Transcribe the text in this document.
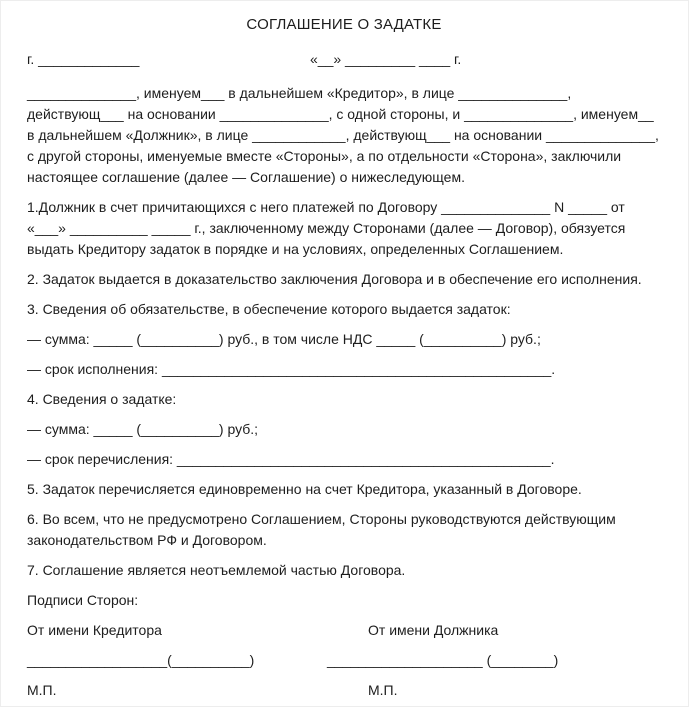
СОГЛАШЕНИЕ О ЗАДАТКЕ
г. _____________	«__» _________ ____ г.

______________, именуем___ в дальнейшем «Кредитор», в лице ______________, действующ___ на основании ______________, с одной стороны, и ______________, именуем__ в дальнейшем «Должник», в лице ____________, действующ___ на основании ______________, с другой стороны, именуемые вместе «Стороны», а по отдельности «Сторона», заключили настоящее соглашение (далее — Соглашение) о нижеследующем.

1.Должник в счет причитающихся с него платежей по Договору ______________ N _____ от «___» __________ _____ г., заключенному между Сторонами (далее — Договор), обязуется выдать Кредитору задаток в порядке и на условиях, определенных Соглашением.

2. Задаток выдается в доказательство заключения Договора и в обеспечение его исполнения.

3. Сведения об обязательстве, в обеспечение которого выдается задаток:

— сумма: _____ (__________) руб., в том числе НДС _____ (__________) руб.;

— срок исполнения: __________________________________________________.

4. Сведения о задатке:

— сумма: _____ (__________) руб.;

— срок перечисления: ________________________________________________.

5. Задаток перечисляется единовременно на счет Кредитора, указанный в Договоре.

6. Во всем, что не предусмотрено Соглашением, Стороны руководствуются действующим законодательством РФ и Договором.

7. Соглашение является неотъемлемой частью Договора.

Подписи Сторон:

От имени Кредитора

__________________(__________)

М.П.

От имени Должника

____________________ (________)

М.П.
